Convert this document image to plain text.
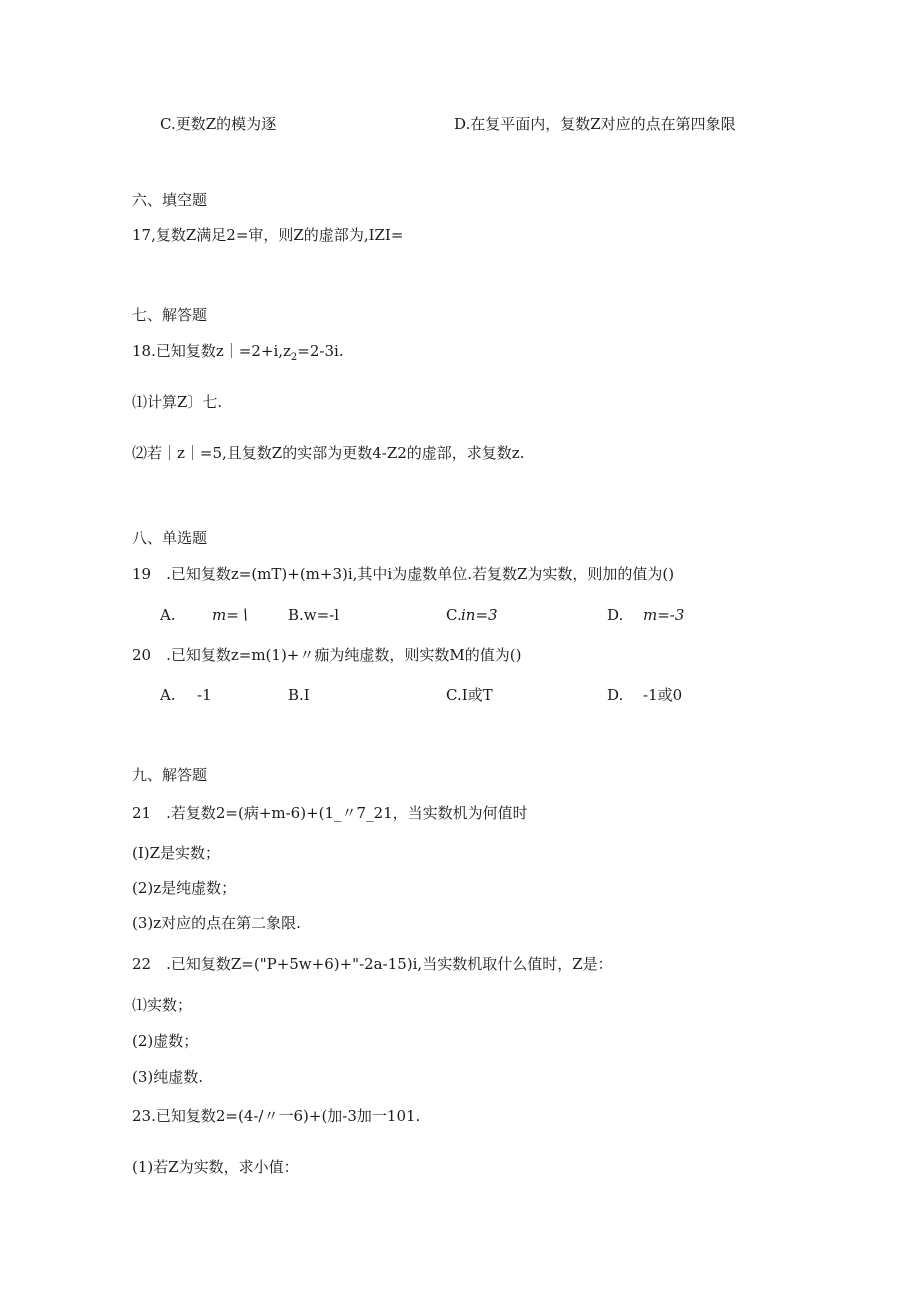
C.更数Z的模为逐	D.在复平面内，复数Z对应的点在第四象限
六、填空题
17,复数Z满足2=审，则Z的虚部为,IZI=
七、解答题
18.已知复数$z|=2+i,z_2=2-3i$.
⑴计算Z〕七.
⑵若｜z｜=5,且复数Z的实部为更数4-Z2的虚部，求复数z.
八、单选题
19　.已知复数z=(mT)+(m+3)i,其中i为虚数单位.若复数Z为实数，则加的值为()
A. m=∖	B.w=-l	C. in=3	D. m=-3
20　.已知复数z=m(1)+〃痂为纯虚数，则实数M的值为()
A. -1	B.I	C.I或T	D. -1或0
九、解答题
21　.若复数2=(病+m-6)+(1_〃7_21，当实数机为何值时
(I)Z是实数；
(2)z是纯虚数；
(3)z对应的点在第二象限.
22　.已知复数Z=("P+5w+6)+"-2a-15)i,当实数机取什么值时，Z是：
⑴实数；
(2)虚数；
(3)纯虚数.
23.已知复数2=(4-/〃一6)+(加-3加一101.
(1)若Z为实数，求小值：
